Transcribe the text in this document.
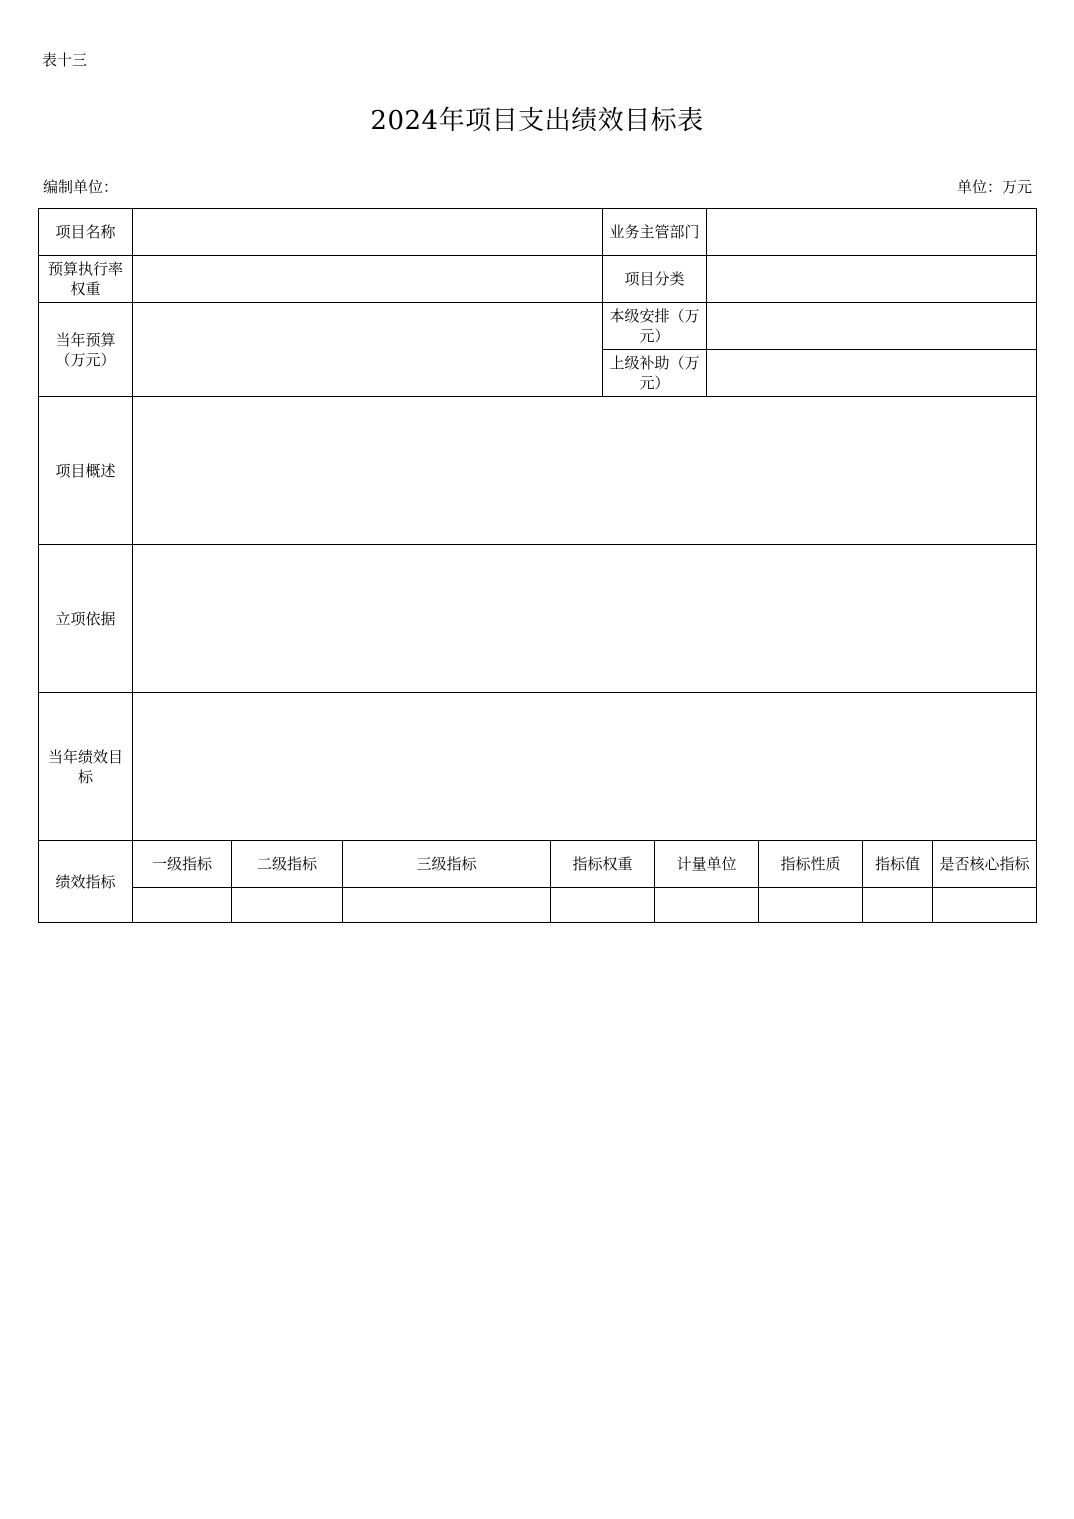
表十三
2024年项目支出绩效目标表
编制单位：	单位：万元
项目名称					业务主管部门					
预算执行率权重					项目分类					
当年预算（万元）					本级安排（万元）					
					上级补助（万元）					
项目概述										
立项依据										
当年绩效目标										
绩效指标	一级指标	二级指标	三级指标	指标权重		计量单位		指标性质	指标值	是否核心指标
